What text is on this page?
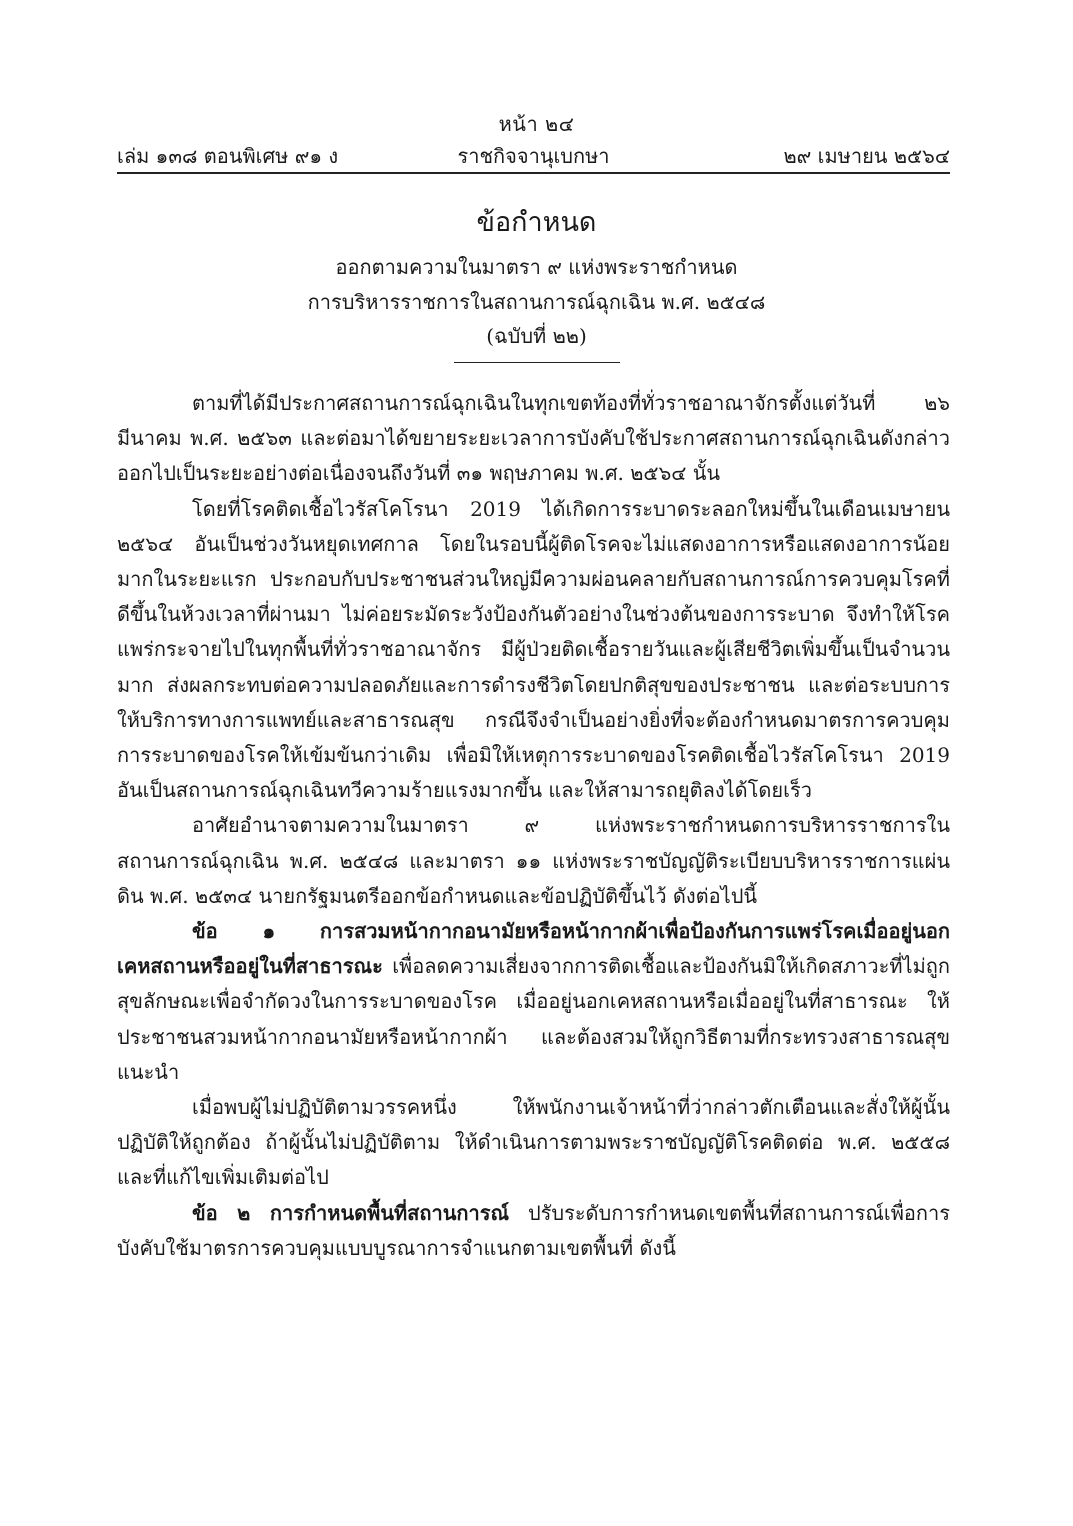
หน้า ๒๔
เล่ม ๑๓๘ ตอนพิเศษ ๙๑ ง	ราชกิจจานุเบกษา	๒๙ เมษายน ๒๕๖๔
ข้อกำหนด
ออกตามความในมาตรา ๙ แห่งพระราชกำหนด
การบริหารราชการในสถานการณ์ฉุกเฉิน พ.ศ. ๒๕๔๘
(ฉบับที่ ๒๒)

ตามที่ได้มีประกาศสถานการณ์ฉุกเฉินในทุกเขตท้องที่ทั่วราชอาณาจักรตั้งแต่วันที่ ๒๖ มีนาคม พ.ศ. ๒๕๖๓ และต่อมาได้ขยายระยะเวลาการบังคับใช้ประกาศสถานการณ์ฉุกเฉินดังกล่าวออกไปเป็นระยะอย่างต่อเนื่องจนถึงวันที่ ๓๑ พฤษภาคม พ.ศ. ๒๕๖๔ นั้น

โดยที่โรคติดเชื้อไวรัสโคโรนา 2019 ได้เกิดการระบาดระลอกใหม่ขึ้นในเดือนเมษายน ๒๕๖๔ อันเป็นช่วงวันหยุดเทศกาล โดยในรอบนี้ผู้ติดโรคจะไม่แสดงอาการหรือแสดงอาการน้อยมากในระยะแรก ประกอบกับประชาชนส่วนใหญ่มีความผ่อนคลายกับสถานการณ์การควบคุมโรคที่ดีขึ้นในห้วงเวลาที่ผ่านมา ไม่ค่อยระมัดระวังป้องกันตัวอย่างในช่วงต้นของการระบาด จึงทำให้โรคแพร่กระจายไปในทุกพื้นที่ทั่วราชอาณาจักร มีผู้ป่วยติดเชื้อรายวันและผู้เสียชีวิตเพิ่มขึ้นเป็นจำนวนมาก ส่งผลกระทบต่อความปลอดภัยและการดำรงชีวิตโดยปกติสุขของประชาชน และต่อระบบการให้บริการทางการแพทย์และสาธารณสุข กรณีจึงจำเป็นอย่างยิ่งที่จะต้องกำหนดมาตรการควบคุมการระบาดของโรคให้เข้มข้นกว่าเดิม เพื่อมิให้เหตุการระบาดของโรคติดเชื้อไวรัสโคโรนา 2019 อันเป็นสถานการณ์ฉุกเฉินทวีความร้ายแรงมากขึ้น และให้สามารถยุติลงได้โดยเร็ว

อาศัยอำนาจตามความในมาตรา ๙ แห่งพระราชกำหนดการบริหารราชการในสถานการณ์ฉุกเฉิน พ.ศ. ๒๕๔๘ และมาตรา ๑๑ แห่งพระราชบัญญัติระเบียบบริหารราชการแผ่นดิน พ.ศ. ๒๕๓๔ นายกรัฐมนตรีออกข้อกำหนดและข้อปฏิบัติขึ้นไว้ ดังต่อไปนี้

ข้อ ๑ การสวมหน้ากากอนามัยหรือหน้ากากผ้าเพื่อป้องกันการแพร่โรคเมื่ออยู่นอกเคหสถานหรืออยู่ในที่สาธารณะ เพื่อลดความเสี่ยงจากการติดเชื้อและป้องกันมิให้เกิดสภาวะที่ไม่ถูกสุขลักษณะเพื่อจำกัดวงในการระบาดของโรค เมื่ออยู่นอกเคหสถานหรือเมื่ออยู่ในที่สาธารณะ ให้ประชาชนสวมหน้ากากอนามัยหรือหน้ากากผ้า และต้องสวมให้ถูกวิธีตามที่กระทรวงสาธารณสุขแนะนำ

เมื่อพบผู้ไม่ปฏิบัติตามวรรคหนึ่ง ให้พนักงานเจ้าหน้าที่ว่ากล่าวตักเตือนและสั่งให้ผู้นั้นปฏิบัติให้ถูกต้อง ถ้าผู้นั้นไม่ปฏิบัติตาม ให้ดำเนินการตามพระราชบัญญัติโรคติดต่อ พ.ศ. ๒๕๕๘ และที่แก้ไขเพิ่มเติมต่อไป

ข้อ ๒ การกำหนดพื้นที่สถานการณ์ ปรับระดับการกำหนดเขตพื้นที่สถานการณ์เพื่อการบังคับใช้มาตรการควบคุมแบบบูรณาการจำแนกตามเขตพื้นที่ ดังนี้
